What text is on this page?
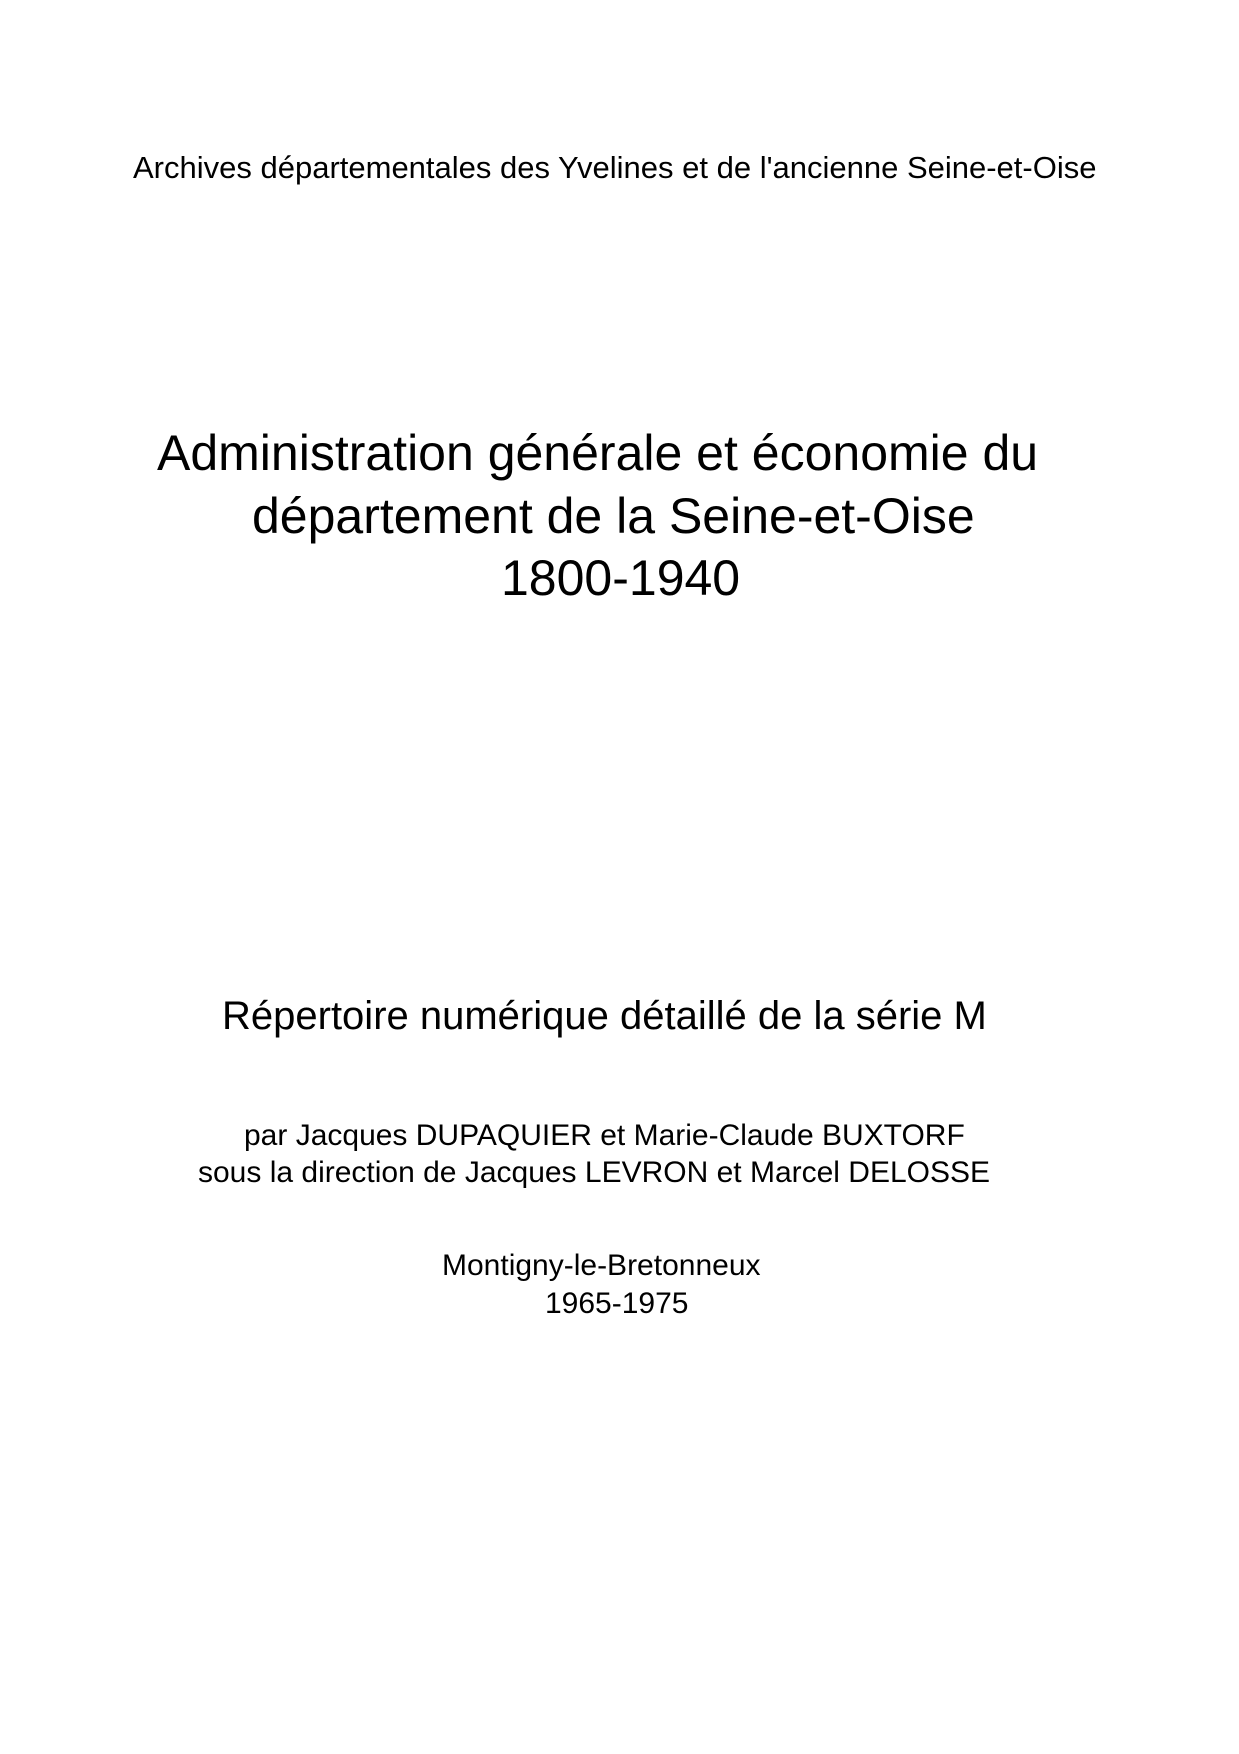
Archives départementales des Yvelines et de l'ancienne Seine-et-Oise
Administration générale et économie du
département de la Seine-et-Oise
1800-1940
Répertoire numérique détaillé de la série M
par Jacques DUPAQUIER et Marie-Claude BUXTORF
sous la direction de Jacques LEVRON et Marcel DELOSSE
Montigny-le-Bretonneux
1965-1975
